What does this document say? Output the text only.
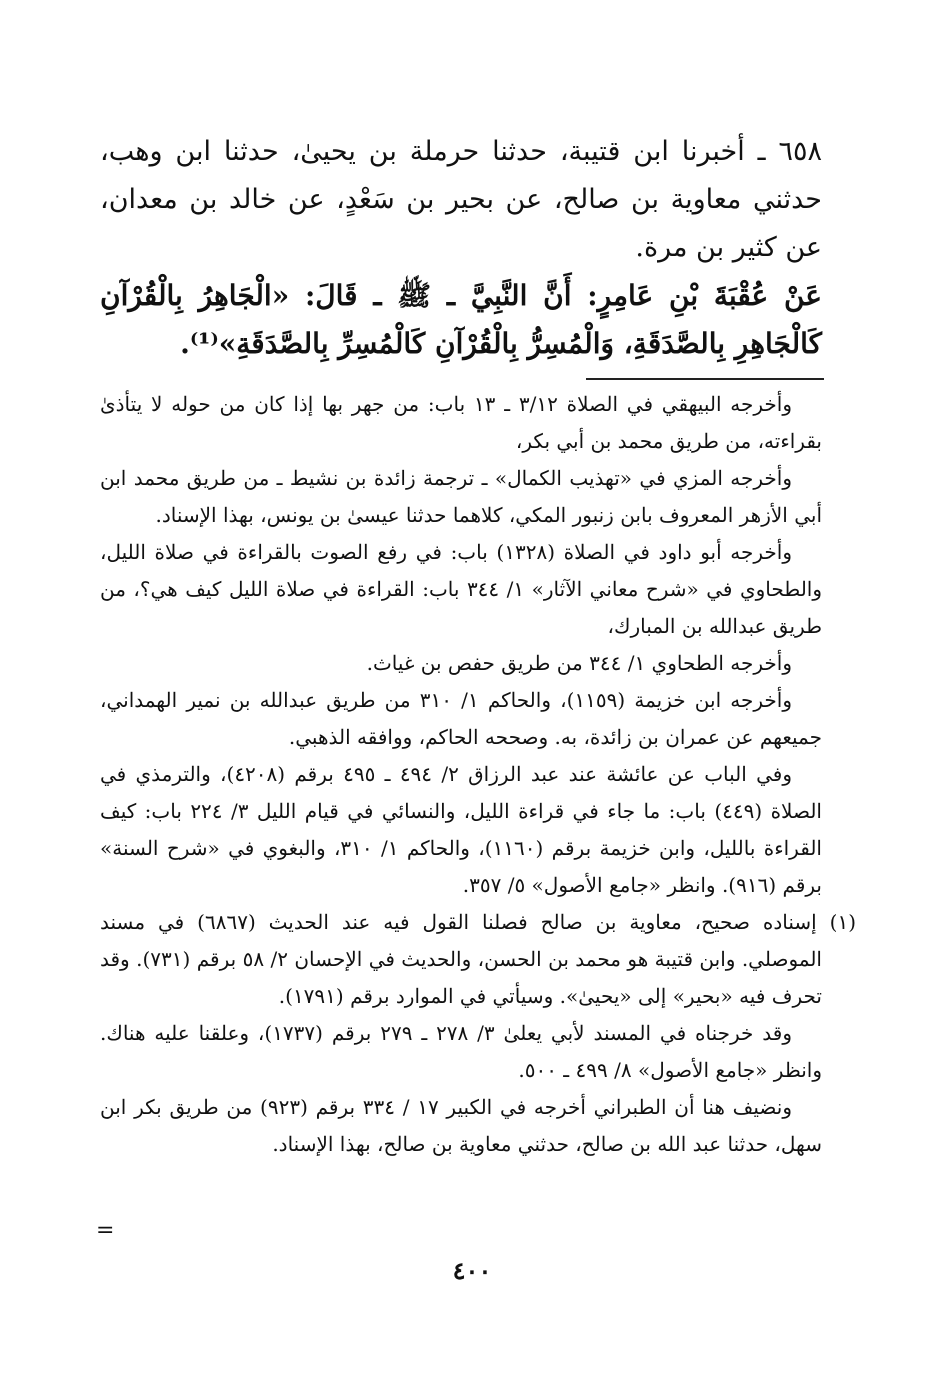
٦٥٨ ـ أخبرنا ابن قتيبة، حدثنا حرملة بن يحيىٰ، حدثنا ابن وهب، حدثني معاوية بن صالح، عن بحير بن سَعْدٍ، عن خالد بن معدان، عن كثير بن مرة.

عَنْ عُقْبَةَ بْنِ عَامِرٍ: أَنَّ النَّبِيَّ ـ ﷺ ـ قَالَ: «الْجَاهِرُ بِالْقُرْآنِ كَالْجَاهِرِ بِالصَّدَقَةِ، وَالْمُسِرُّ بِالْقُرْآنِ كَالْمُسِرِّ بِالصَّدَقَةِ»⁽¹⁾.

وأخرجه البيهقي في الصلاة ٣/١٢ ـ ١٣ باب: من جهر بها إذا كان من حوله لا يتأذىٰ بقراءته، من طريق محمد بن أبي بكر،

وأخرجه المزي في «تهذيب الكمال» ـ ترجمة زائدة بن نشيط ـ من طريق محمد ابن أبي الأزهر المعروف بابن زنبور المكي، كلاهما حدثنا عيسىٰ بن يونس، بهذا الإسناد.

وأخرجه أبو داود في الصلاة (١٣٢٨) باب: في رفع الصوت بالقراءة في صلاة الليل، والطحاوي في «شرح معاني الآثار» ١/ ٣٤٤ باب: القراءة في صلاة الليل كيف هي؟، من طريق عبدالله بن المبارك،

وأخرجه الطحاوي ١/ ٣٤٤ من طريق حفص بن غياث.

وأخرجه ابن خزيمة (١١٥٩)، والحاكم ١/ ٣١٠ من طريق عبدالله بن نمير الهمداني، جميعهم عن عمران بن زائدة، به. وصححه الحاكم، ووافقه الذهبي.

وفي الباب عن عائشة عند عبد الرزاق ٢/ ٤٩٤ ـ ٤٩٥ برقم (٤٢٠٨)، والترمذي في الصلاة (٤٤٩) باب: ما جاء في قراءة الليل، والنسائي في قيام الليل ٣/ ٢٢٤ باب: كيف القراءة بالليل، وابن خزيمة برقم (١١٦٠)، والحاكم ١/ ٣١٠، والبغوي في «شرح السنة» برقم (٩١٦). وانظر «جامع الأصول» ٥/ ٣٥٧.

(١) إسناده صحيح، معاوية بن صالح فصلنا القول فيه عند الحديث (٦٨٦٧) في مسند الموصلي. وابن قتيبة هو محمد بن الحسن، والحديث في الإحسان ٢/ ٥٨ برقم (٧٣١). وقد تحرف فيه «بحير» إلى «يحيىٰ». وسيأتي في الموارد برقم (١٧٩١).

وقد خرجناه في المسند لأبي يعلىٰ ٣/ ٢٧٨ ـ ٢٧٩ برقم (١٧٣٧)، وعلقنا عليه هناك. وانظر «جامع الأصول» ٨/ ٤٩٩ ـ ٥٠٠.

ونضيف هنا أن الطبراني أخرجه في الكبير ١٧ / ٣٣٤ برقم (٩٢٣) من طريق بكر ابن سهل، حدثنا عبد الله بن صالح، حدثني معاوية بن صالح، بهذا الإسناد.

=
٤٠٠
